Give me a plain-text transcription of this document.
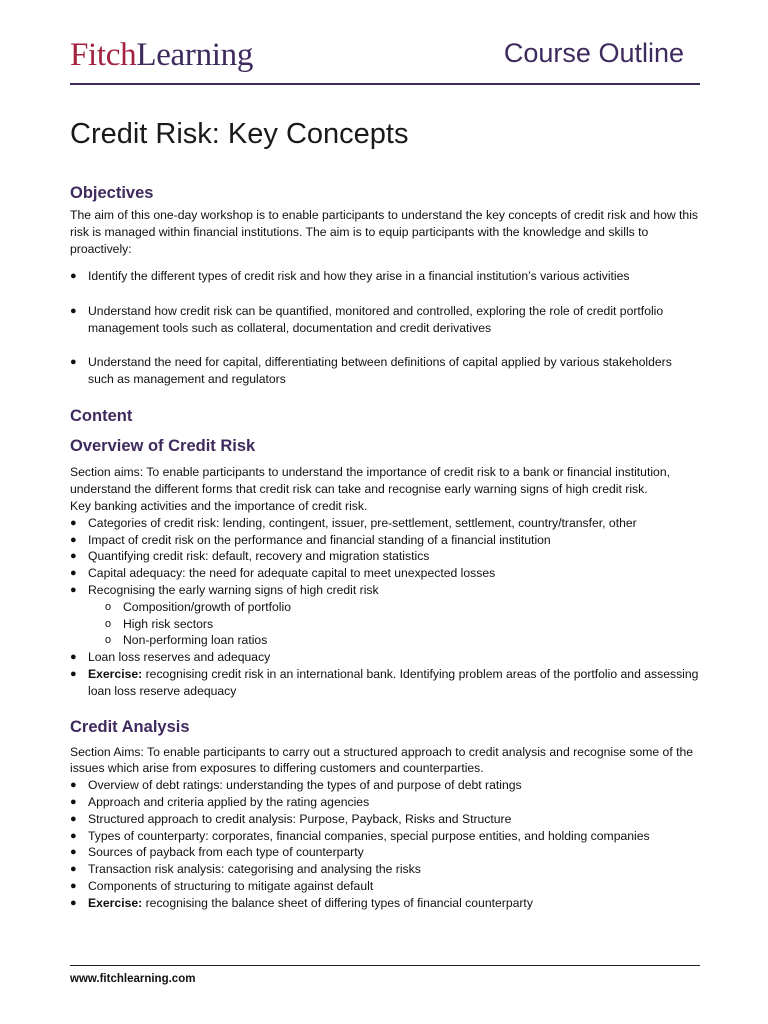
FitchLearning	Course Outline
Credit Risk: Key Concepts
Objectives

The aim of this one-day workshop is to enable participants to understand the key concepts of credit risk and how this risk is managed within financial institutions. The aim is to equip participants with the knowledge and skills to proactively:

● Identify the different types of credit risk and how they arise in a financial institution’s various activities
● Understand how credit risk can be quantified, monitored and controlled, exploring the role of credit portfolio management tools such as collateral, documentation and credit derivatives
● Understand the need for capital, differentiating between definitions of capital applied by various stakeholders such as management and regulators
Content
Overview of Credit Risk

Section aims: To enable participants to understand the importance of credit risk to a bank or financial institution, understand the different forms that credit risk can take and recognise early warning signs of high credit risk.

Key banking activities and the importance of credit risk.

● Categories of credit risk: lending, contingent, issuer, pre-settlement, settlement, country/transfer, other
● Impact of credit risk on the performance and financial standing of a financial institution
● Quantifying credit risk: default, recovery and migration statistics
● Capital adequacy: the need for adequate capital to meet unexpected losses
● Recognising the early warning signs of high credit risk
o Composition/growth of portfolio
o High risk sectors
o Non-performing loan ratios
● Loan loss reserves and adequacy
● Exercise: recognising credit risk in an international bank. Identifying problem areas of the portfolio and assessing loan loss reserve adequacy
Credit Analysis

Section Aims: To enable participants to carry out a structured approach to credit analysis and recognise some of the issues which arise from exposures to differing customers and counterparties.

● Overview of debt ratings: understanding the types of and purpose of debt ratings
● Approach and criteria applied by the rating agencies
● Structured approach to credit analysis: Purpose, Payback, Risks and Structure
● Types of counterparty: corporates, financial companies, special purpose entities, and holding companies
● Sources of payback from each type of counterparty
● Transaction risk analysis: categorising and analysing the risks
● Components of structuring to mitigate against default
● Exercise: recognising the balance sheet of differing types of financial counterparty
www.fitchlearning.com
